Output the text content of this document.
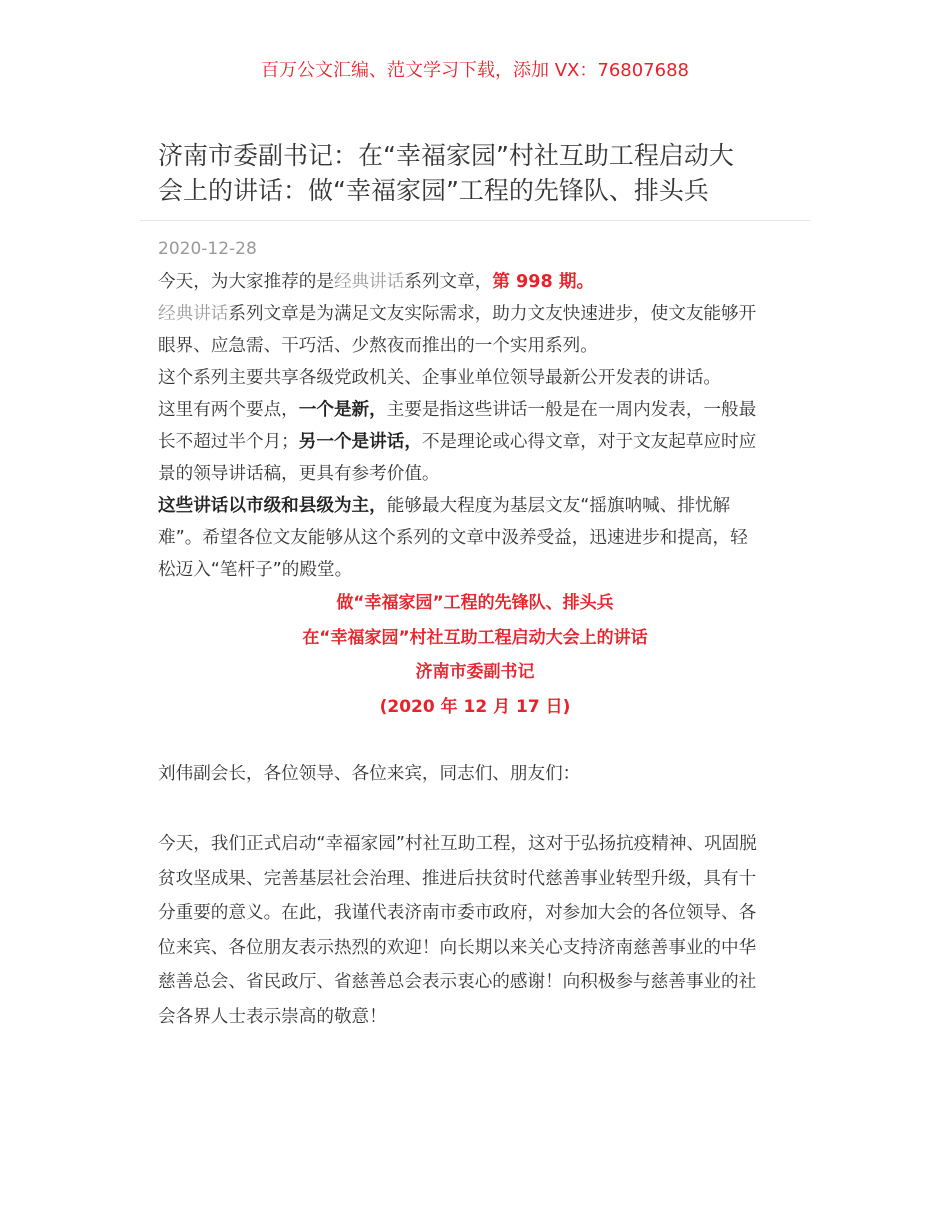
百万公文汇编、范文学习下载，添加 VX：76807688
济南市委副书记：在“幸福家园”村社互助工程启动大
会上的讲话：做“幸福家园”工程的先锋队、排头兵
2020-12-28
今天，为大家推荐的是经典讲话系列文章，第 998 期。
经典讲话系列文章是为满足文友实际需求，助力文友快速进步，使文友能够开
眼界、应急需、干巧活、少熬夜而推出的一个实用系列。
这个系列主要共享各级党政机关、企事业单位领导最新公开发表的讲话。
这里有两个要点，一个是新，主要是指这些讲话一般是在一周内发表，一般最
长不超过半个月；另一个是讲话，不是理论或心得文章，对于文友起草应时应
景的领导讲话稿，更具有参考价值。
这些讲话以市级和县级为主，能够最大程度为基层文友“摇旗呐喊、排忧解
难”。希望各位文友能够从这个系列的文章中汲养受益，迅速进步和提高，轻
松迈入“笔杆子”的殿堂。
做“幸福家园”工程的先锋队、排头兵
在“幸福家园”村社互助工程启动大会上的讲话
济南市委副书记
(2020 年 12 月 17 日)
刘伟副会长，各位领导、各位来宾，同志们、朋友们：
今天，我们正式启动“幸福家园”村社互助工程，这对于弘扬抗疫精神、巩固脱
贫攻坚成果、完善基层社会治理、推进后扶贫时代慈善事业转型升级，具有十
分重要的意义。在此，我谨代表济南市委市政府，对参加大会的各位领导、各
位来宾、各位朋友表示热烈的欢迎！向长期以来关心支持济南慈善事业的中华
慈善总会、省民政厅、省慈善总会表示衷心的感谢！向积极参与慈善事业的社
会各界人士表示崇高的敬意！
